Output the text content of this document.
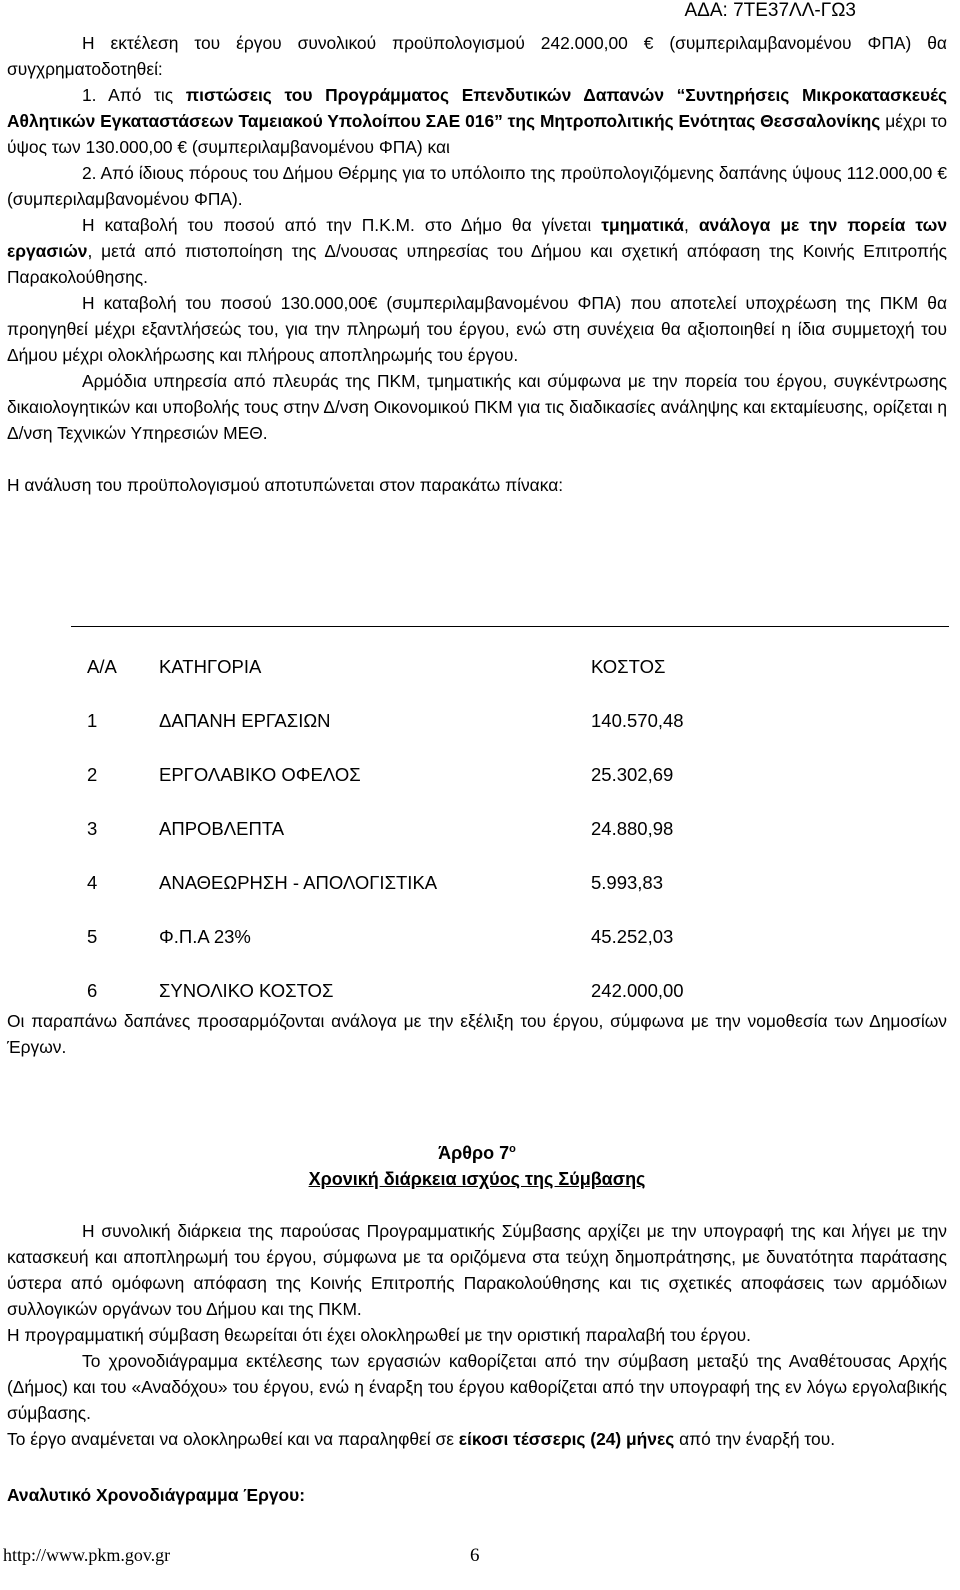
ΑΔΑ: 7ΤΕ37ΛΛ-ΓΩ3

Η εκτέλεση του έργου συνολικού προϋπολογισμού 242.000,00 € (συμπεριλαμβανομένου ΦΠΑ) θα συγχρηματοδοτηθεί:

1. Από τις πιστώσεις του Προγράμματος Επενδυτικών Δαπανών “Συντηρήσεις Μικροκατασκευές Αθλητικών Εγκαταστάσεων Ταμειακού Υπολοίπου ΣΑΕ 016” της Μητροπολιτικής Ενότητας Θεσσαλονίκης μέχρι το ύψος των 130.000,00 € (συμπεριλαμβανομένου ΦΠΑ) και

2. Από ίδιους πόρους του Δήμου Θέρμης για το υπόλοιπο της προϋπολογιζόμενης δαπάνης ύψους 112.000,00 € (συμπεριλαμβανομένου ΦΠΑ).

Η καταβολή του ποσού από την Π.Κ.Μ. στο Δήμο θα γίνεται τμηματικά, ανάλογα με την πορεία των εργασιών, μετά από πιστοποίηση της Δ/νουσας υπηρεσίας του Δήμου και σχετική απόφαση της Κοινής Επιτροπής Παρακολούθησης.

Η καταβολή του ποσού 130.000,00€ (συμπεριλαμβανομένου ΦΠΑ) που αποτελεί υποχρέωση της ΠΚΜ θα προηγηθεί μέχρι εξαντλήσεώς του, για την πληρωμή του έργου, ενώ στη συνέχεια θα αξιοποιηθεί η ίδια συμμετοχή του Δήμου μέχρι ολοκλήρωσης και πλήρους αποπληρωμής του έργου.

Αρμόδια υπηρεσία από πλευράς της ΠΚΜ, τμηματικής και σύμφωνα με την πορεία του έργου, συγκέντρωσης δικαιολογητικών και υποβολής τους στην Δ/νση Οικονομικού ΠΚΜ για τις διαδικασίες ανάληψης και εκταμίευσης, ορίζεται η Δ/νση Τεχνικών Υπηρεσιών ΜΕΘ.

Η ανάλυση του προϋπολογισμού αποτυπώνεται στον παρακάτω πίνακα:

Α/Α	ΚΑΤΗΓΟΡΙΑ	ΚΟΣΤΟΣ
1	ΔΑΠΑΝΗ ΕΡΓΑΣΙΩΝ	140.570,48
2	ΕΡΓΟΛΑΒΙΚΟ ΟΦΕΛΟΣ	25.302,69
3	ΑΠΡΟΒΛΕΠΤΑ	24.880,98
4	ΑΝΑΘΕΩΡΗΣΗ - ΑΠΟΛΟΓΙΣΤΙΚΑ	5.993,83
5	Φ.Π.Α 23%	45.252,03
6	ΣΥΝΟΛΙΚΟ ΚΟΣΤΟΣ	242.000,00

Οι παραπάνω δαπάνες προσαρμόζονται ανάλογα με την εξέλιξη του έργου, σύμφωνα με την νομοθεσία των Δημοσίων Έργων.

Άρθρο $7^o$

Χρονική διάρκεια ισχύος της Σύμβασης

Η συνολική διάρκεια της παρούσας Προγραμματικής Σύμβασης αρχίζει με την υπογραφή της και λήγει με την κατασκευή και αποπληρωμή του έργου, σύμφωνα με τα οριζόμενα στα τεύχη δημοπράτησης, με δυνατότητα παράτασης ύστερα από ομόφωνη απόφαση της Κοινής Επιτροπής Παρακολούθησης και τις σχετικές αποφάσεις των αρμόδιων συλλογικών οργάνων του Δήμου και της ΠΚΜ.

Η προγραμματική σύμβαση θεωρείται ότι έχει ολοκληρωθεί με την οριστική παραλαβή του έργου.

Το χρονοδιάγραμμα εκτέλεσης των εργασιών καθορίζεται από την σύμβαση μεταξύ της Αναθέτουσας Αρχής (Δήμος) και του «Αναδόχου» του έργου, ενώ η έναρξη του έργου καθορίζεται από την υπογραφή της εν λόγω εργολαβικής σύμβασης.

Το έργο αναμένεται να ολοκληρωθεί και να παραληφθεί σε είκοσι τέσσερις (24) μήνες από την έναρξή του.

Αναλυτικό Χρονοδιάγραμμα Έργου:

http://www.pkm.gov.gr	6
